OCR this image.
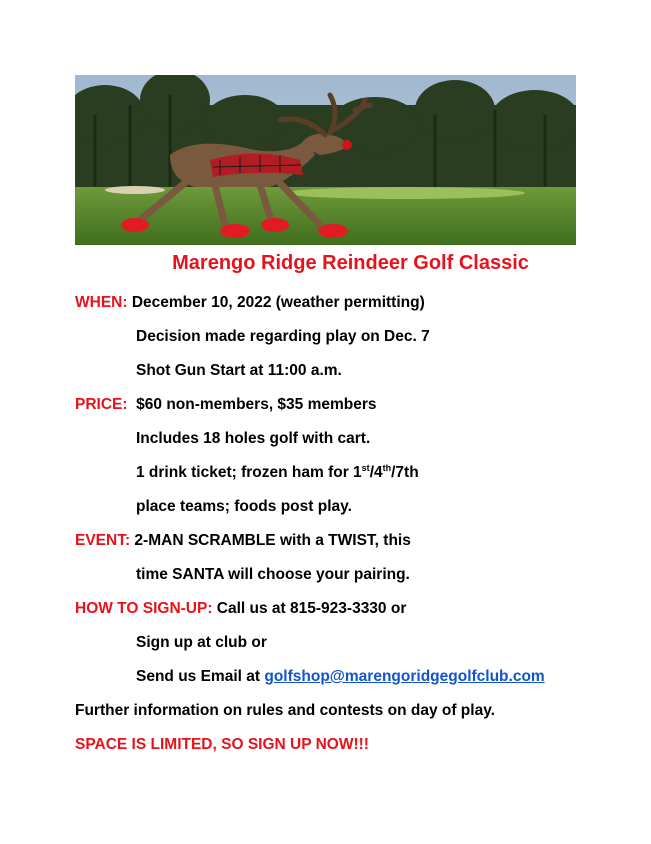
Marengo Ridge Reindeer Golf Classic
WHEN: December 10, 2022 (weather permitting)
Decision made regarding play on Dec. 7
Shot Gun Start at 11:00 a.m.
PRICE:  $60 non-members, $35 members
Includes 18 holes golf with cart.
1 drink ticket; frozen ham for 1st/4th/7th
place teams; foods post play.
EVENT: 2-MAN SCRAMBLE with a TWIST, this
time SANTA will choose your pairing.
HOW TO SIGN-UP: Call us at 815-923-3330 or
Sign up at club or
Send us Email at golfshop@marengoridgegolfclub.com
Further information on rules and contests on day of play.
SPACE IS LIMITED, SO SIGN UP NOW!!!
